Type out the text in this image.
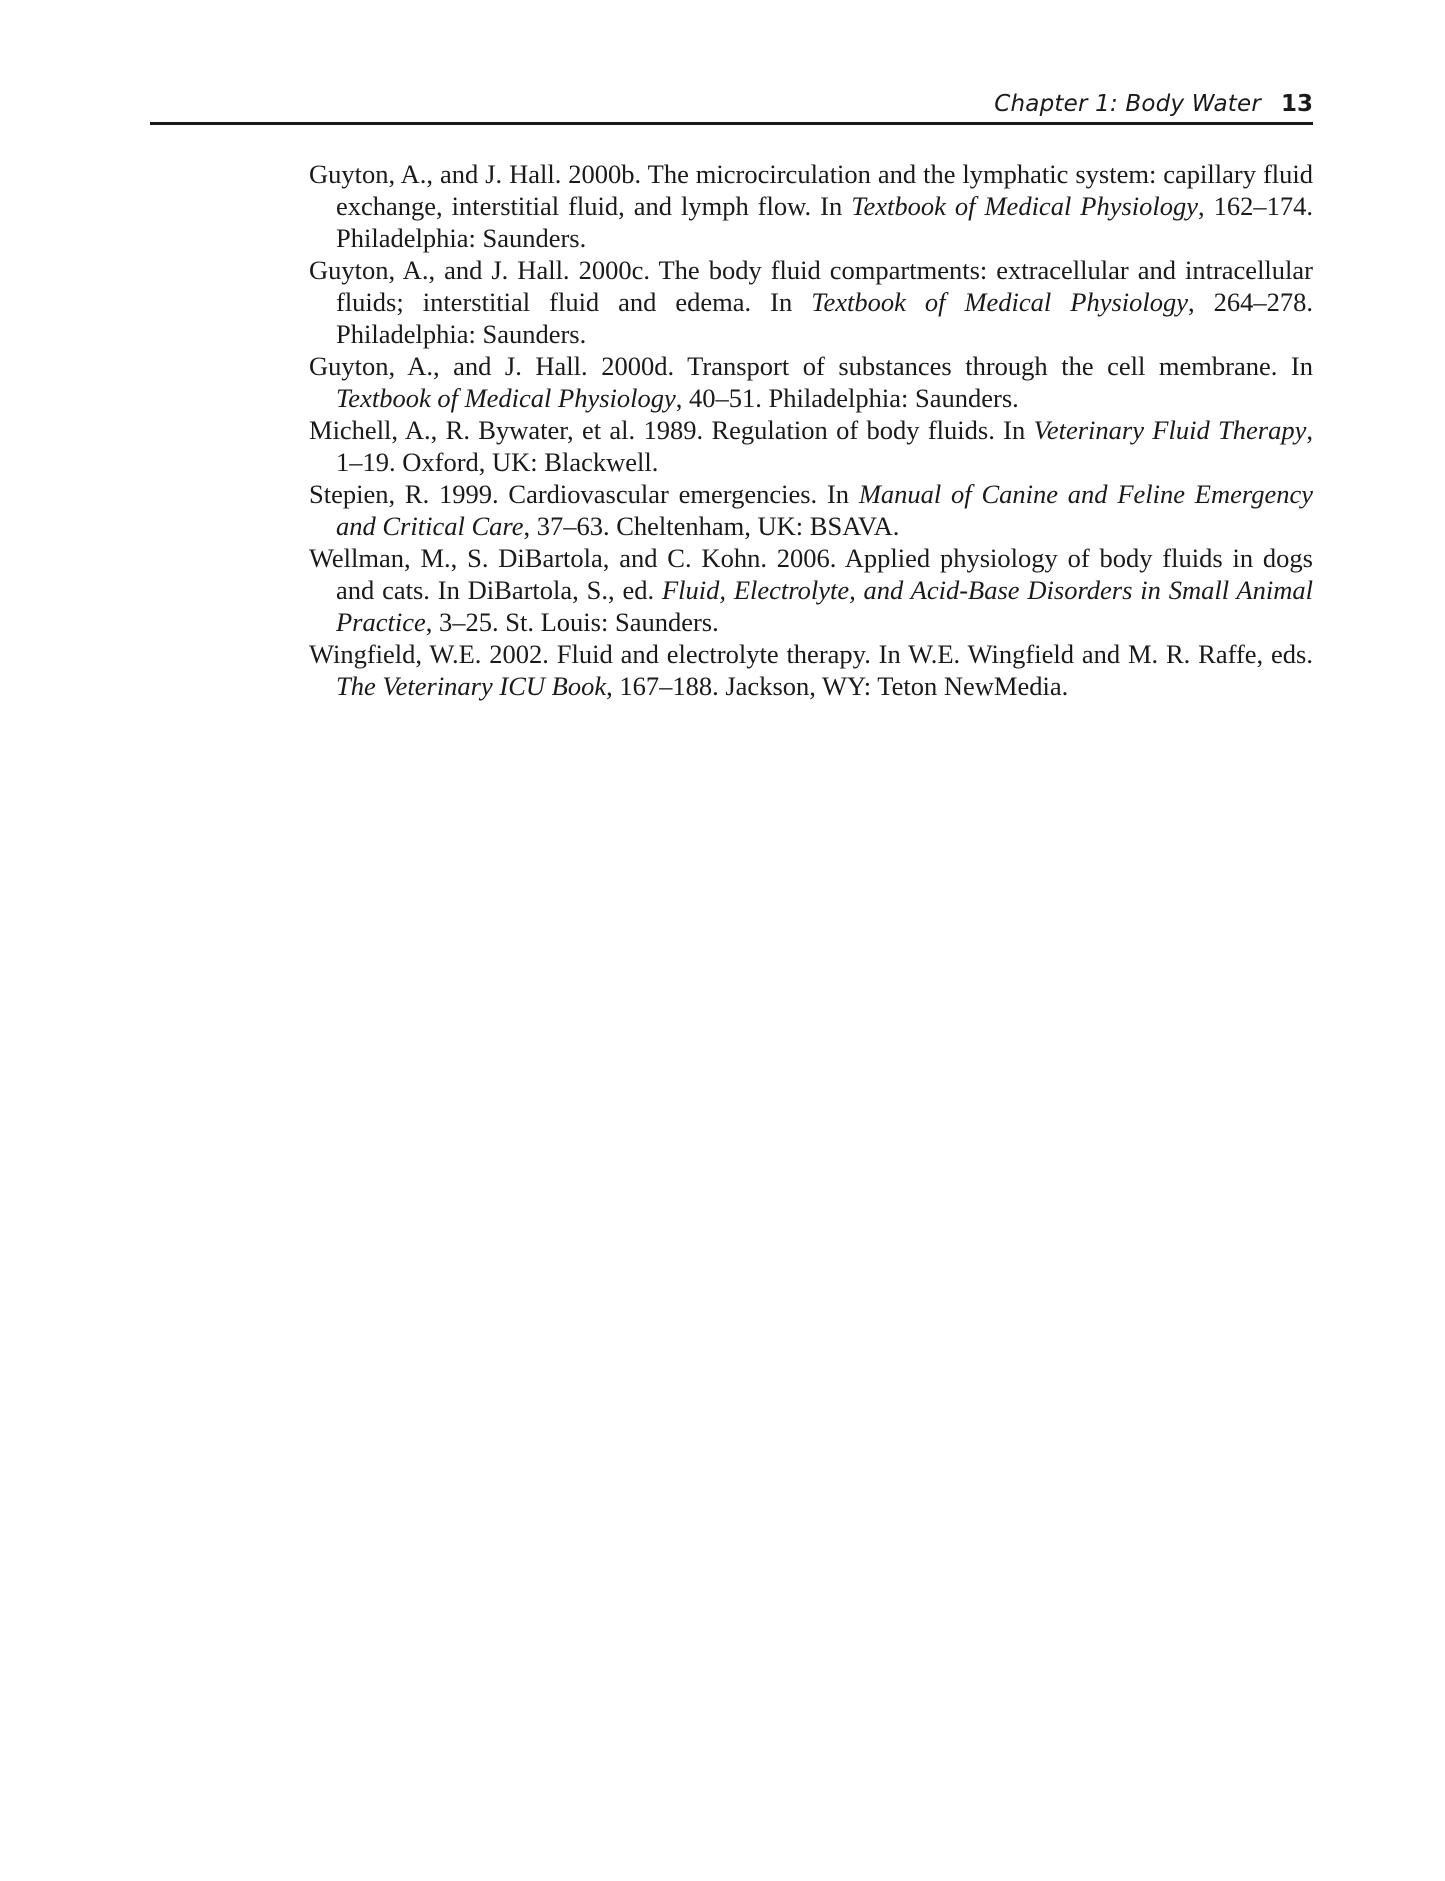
Chapter 1: Body Water 13
Guyton, A., and J. Hall. 2000b. The microcirculation and the lymphatic system: capillary fluid exchange, interstitial fluid, and lymph flow. In Textbook of Medical Physiology, 162–174. Philadelphia: Saunders.
Guyton, A., and J. Hall. 2000c. The body fluid compartments: extracellular and intracellular fluids; interstitial fluid and edema. In Textbook of Medical Physiology, 264–278. Philadelphia: Saunders.
Guyton, A., and J. Hall. 2000d. Transport of substances through the cell membrane. In Textbook of Medical Physiology, 40–51. Philadelphia: Saunders.
Michell, A., R. Bywater, et al. 1989. Regulation of body fluids. In Veterinary Fluid Therapy, 1–19. Oxford, UK: Blackwell.
Stepien, R. 1999. Cardiovascular emergencies. In Manual of Canine and Feline Emergency and Critical Care, 37–63. Cheltenham, UK: BSAVA.
Wellman, M., S. DiBartola, and C. Kohn. 2006. Applied physiology of body fluids in dogs and cats. In DiBartola, S., ed. Fluid, Electrolyte, and Acid-Base Disorders in Small Animal Practice, 3–25. St. Louis: Saunders.
Wingfield, W.E. 2002. Fluid and electrolyte therapy. In W.E. Wingfield and M. R. Raffe, eds. The Veterinary ICU Book, 167–188. Jackson, WY: Teton NewMedia.
